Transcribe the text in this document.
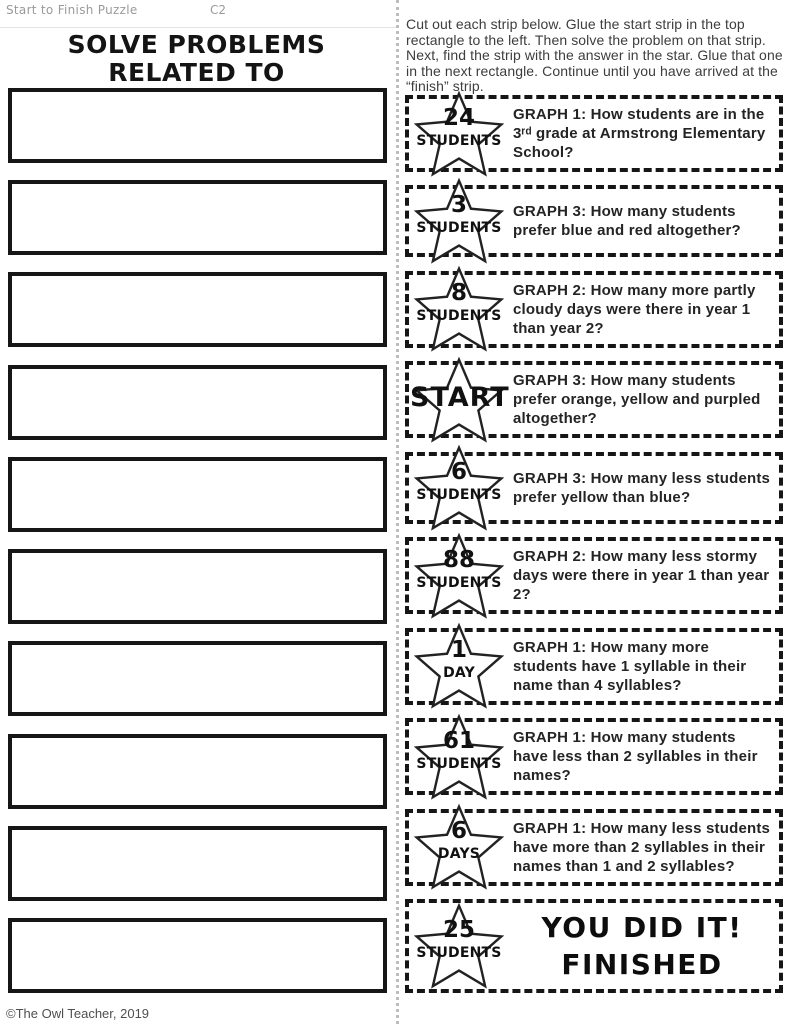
Start to Finish Puzzle	C2
SOLVE PROBLEMS RELATED TO

Cut out each strip below. Glue the start strip in the top rectangle to the left. Then solve the problem on that strip. Next, find the strip with the answer in the star. Glue that one in the next rectangle. Continue until you have arrived at the “finish” strip.

24
STUDENTS
GRAPH 1: How students are in the 3ʳᵈ grade at Armstrong Elementary School?
3
STUDENTS
GRAPH 3: How many students prefer blue and red altogether?
8
STUDENTS
GRAPH 2: How many more partly cloudy days were there in year 1 than year 2?
START
GRAPH 3: How many students prefer orange, yellow and purpled altogether?
6
STUDENTS
GRAPH 3: How many less students prefer yellow than blue?
88
STUDENTS
GRAPH 2: How many less stormy days were there in year 1 than year 2?
1
DAY
GRAPH 1: How many more students have 1 syllable in their name than 4 syllables?
61
STUDENTS
GRAPH 1: How many students have less than 2 syllables in their names?
6
DAYS
GRAPH 1: How many less students have more than 2 syllables in their names than 1 and 2 syllables?
25
STUDENTS
YOU DID IT!
FINISHED
©The Owl Teacher, 2019
